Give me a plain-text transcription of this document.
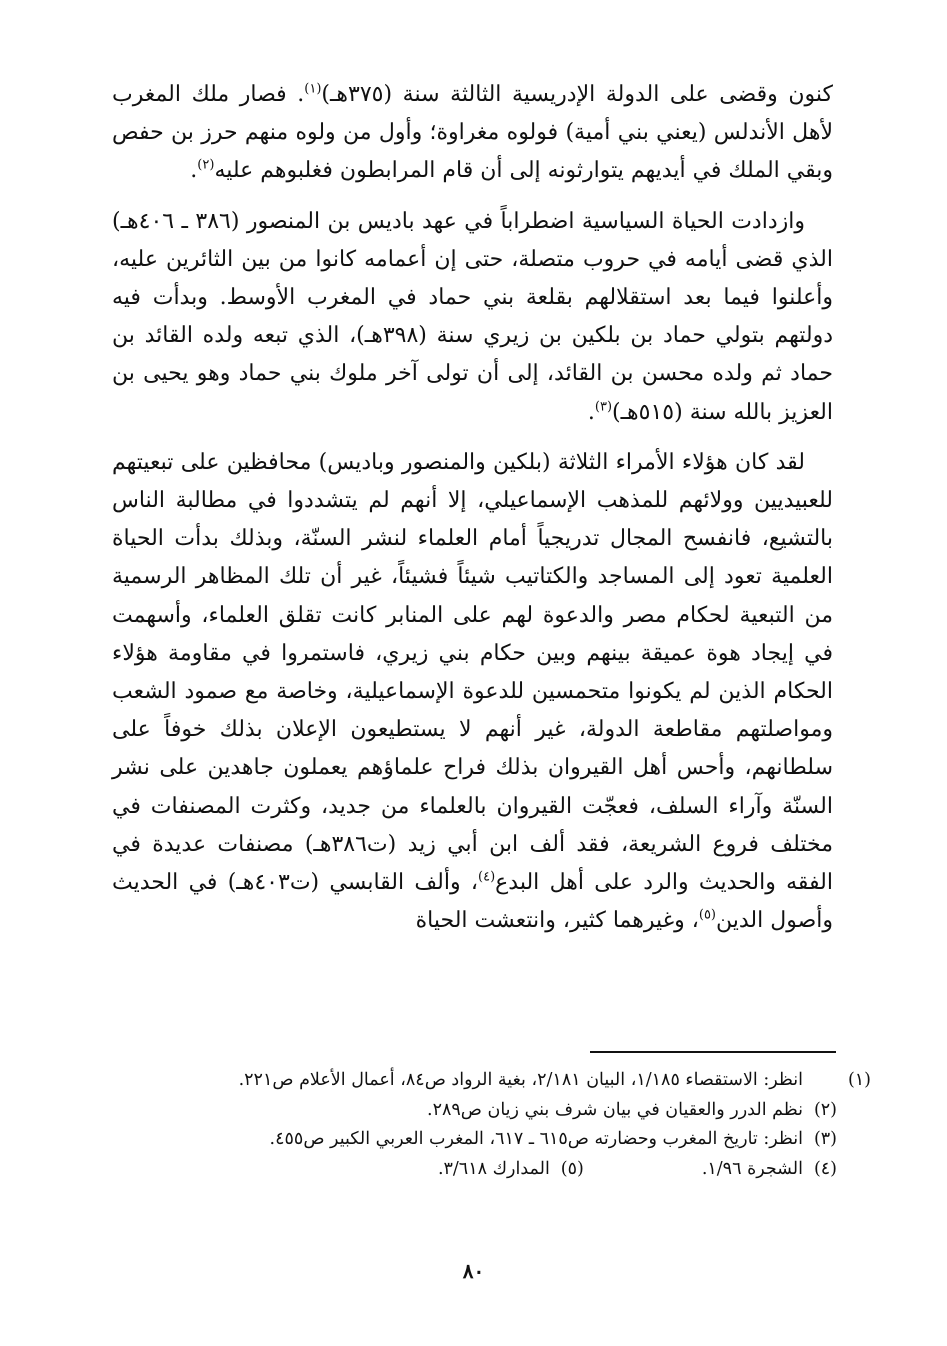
كنون وقضى على الدولة الإدريسية الثالثة سنة (٣٧٥هـ)$^{(١)}$. فصار ملك المغرب لأهل الأندلس (يعني بني أمية) فولوه مغراوة؛ وأول من ولوه منهم حرز بن حفص وبقي الملك في أيديهم يتوارثونه إلى أن قام المرابطون فغلبوهم عليه$^{(٢)}$.

وازدادت الحياة السياسية اضطراباً في عهد باديس بن المنصور (٣٨٦ ـ ٤٠٦هـ) الذي قضى أيامه في حروب متصلة، حتى إن أعمامه كانوا من بين الثائرين عليه، وأعلنوا فيما بعد استقلالهم بقلعة بني حماد في المغرب الأوسط. وبدأت فيه دولتهم بتولي حماد بن بلكين بن زيري سنة (٣٩٨هـ)، الذي تبعه ولده القائد بن حماد ثم ولده محسن بن القائد، إلى أن تولى آخر ملوك بني حماد وهو يحيى بن العزيز بالله سنة (٥١٥هـ)$^{(٣)}$.

لقد كان هؤلاء الأمراء الثلاثة (بلكين والمنصور وباديس) محافظين على تبعيتهم للعبيديين وولائهم للمذهب الإسماعيلي، إلا أنهم لم يتشددوا في مطالبة الناس بالتشيع، فانفسح المجال تدريجياً أمام العلماء لنشر السنّة، وبذلك بدأت الحياة العلمية تعود إلى المساجد والكتاتيب شيئاً فشيئاً، غير أن تلك المظاهر الرسمية من التبعية لحكام مصر والدعوة لهم على المنابر كانت تقلق العلماء، وأسهمت في إيجاد هوة عميقة بينهم وبين حكام بني زيري، فاستمروا في مقاومة هؤلاء الحكام الذين لم يكونوا متحمسين للدعوة الإسماعيلية، وخاصة مع صمود الشعب ومواصلتهم مقاطعة الدولة، غير أنهم لا يستطيعون الإعلان بذلك خوفاً على سلطانهم، وأحس أهل القيروان بذلك فراح علماؤهم يعملون جاهدين على نشر السنّة وآراء السلف، فعجّت القيروان بالعلماء من جديد، وكثرت المصنفات في مختلف فروع الشريعة، فقد ألف ابن أبي زيد (ت٣٨٦هـ) مصنفات عديدة في الفقه والحديث والرد على أهل البدع$^{(٤)}$، وألف القابسي (ت٤٠٣هـ) في الحديث وأصول الدين$^{(٥)}$، وغيرهما كثير، وانتعشت الحياة

(١)انظر: الاستقصاء ١/١٨٥، البيان ٢/١٨١، بغية الرواد ص٨٤، أعمال الأعلام ص٢٢١.

(٢)نظم الدرر والعقيان في بيان شرف بني زيان ص٢٨٩.

(٣)انظر: تاريخ المغرب وحضارته ص٦١٥ ـ ٦١٧، المغرب العربي الكبير ص٤٥٥.

(٤)الشجرة ١/٩٦.
(٥)المدارك ٣/٦١٨.
٨٠
